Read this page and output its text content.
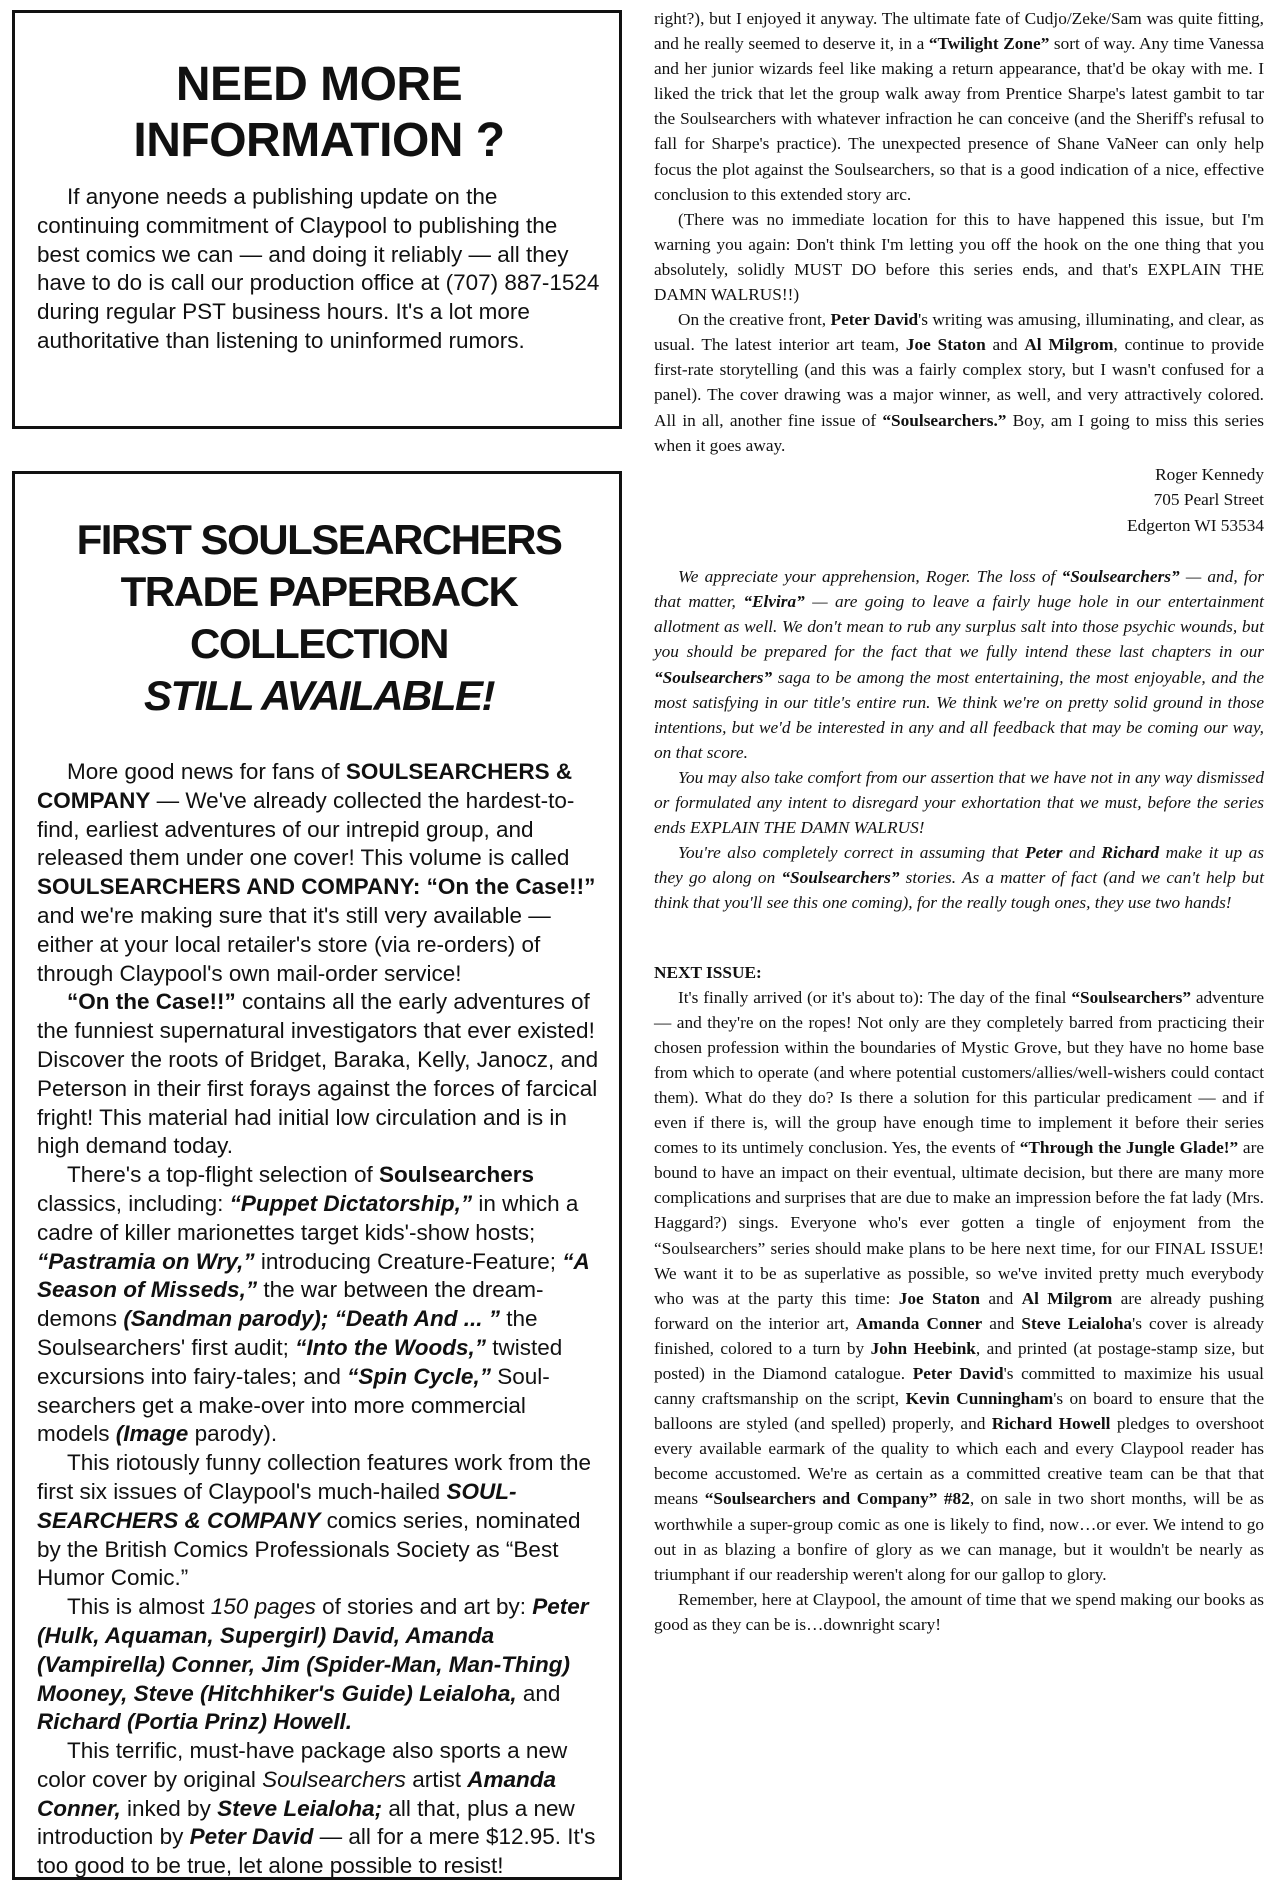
NEED MORE
INFORMATION ?

If anyone needs a publishing update on the continuing commitment of Claypool to publishing the best comics we can — and doing it reliably — all they have to do is call our production office at (707) 887-1524 during regular PST business hours. It's a lot more authoritative than listening to uninformed rumors.

FIRST SOULSEARCHERS
TRADE PAPERBACK COLLECTION
STILL AVAILABLE!

More good news for fans of SOULSEARCHERS & COMPANY — We've already collected the hardest-to-find, earliest adventures of our intrepid group, and released them under one cover! This volume is called SOULSEARCHERS AND COMPANY: “On the Case!!” and we're making sure that it's still very available — either at your local retailer's store (via re-orders) of through Claypool's own mail-order service!

“On the Case!!” contains all the early adventures of the funniest supernatural investigators that ever existed! Discover the roots of Bridget, Baraka, Kelly, Janocz, and Peterson in their first forays against the forces of farcical fright! This material had initial low circulation and is in high demand today.

There's a top-flight selection of Soulsearchers classics, including: “Puppet Dictatorship,” in which a cadre of killer marionettes target kids'-show hosts; “Pastramia on Wry,” introducing Creature-Feature; “A Season of Misseds,” the war between the dream-demons (Sandman parody); “Death And ... ” the Soulsearchers' first audit; “Into the Woods,” twisted excursions into fairy-tales; and “Spin Cycle,” Soul-searchers get a make-over into more commercial models (Image parody).

This riotously funny collection features work from the first six issues of Claypool's much-hailed SOUL-SEARCHERS & COMPANY comics series, nominated by the British Comics Professionals Society as “Best Humor Comic.”

This is almost 150 pages of stories and art by: Peter (Hulk, Aquaman, Supergirl) David, Amanda (Vampirella) Conner, Jim (Spider-Man, Man-Thing) Mooney, Steve (Hitchhiker's Guide) Leialoha, and Richard (Portia Prinz) Howell.

This terrific, must-have package also sports a new color cover by original Soulsearchers artist Amanda Conner, inked by Steve Leialoha; all that, plus a new introduction by Peter David — all for a mere $12.95. It's too good to be true, let alone possible to resist!

right?), but I enjoyed it anyway. The ultimate fate of Cudjo/Zeke/Sam was quite fitting, and he really seemed to deserve it, in a “Twilight Zone” sort of way. Any time Vanessa and her junior wizards feel like making a return appearance, that'd be okay with me. I liked the trick that let the group walk away from Prentice Sharpe's latest gambit to tar the Soulsearchers with whatever infraction he can conceive (and the Sheriff's refusal to fall for Sharpe's practice). The unexpected presence of Shane VaNeer can only help focus the plot against the Soulsearchers, so that is a good indication of a nice, effective conclusion to this extended story arc.

(There was no immediate location for this to have happened this issue, but I'm warning you again: Don't think I'm letting you off the hook on the one thing that you absolutely, solidly MUST DO before this series ends, and that's EXPLAIN THE DAMN WALRUS!!)

On the creative front, Peter David's writing was amusing, illuminating, and clear, as usual. The latest interior art team, Joe Staton and Al Milgrom, continue to provide first-rate storytelling (and this was a fairly complex story, but I wasn't confused for a panel). The cover drawing was a major winner, as well, and very attractively colored. All in all, another fine issue of “Soulsearchers.” Boy, am I going to miss this series when it goes away.

Roger Kennedy
705 Pearl Street
Edgerton WI 53534

We appreciate your apprehension, Roger. The loss of “Soulsearchers” — and, for that matter, “Elvira” — are going to leave a fairly huge hole in our entertainment allotment as well. We don't mean to rub any surplus salt into those psychic wounds, but you should be prepared for the fact that we fully intend these last chapters in our “Soulsearchers” saga to be among the most entertaining, the most enjoyable, and the most satisfying in our title's entire run. We think we're on pretty solid ground in those intentions, but we'd be interested in any and all feedback that may be coming our way, on that score.

You may also take comfort from our assertion that we have not in any way dismissed or formulated any intent to disregard your exhortation that we must, before the series ends EXPLAIN THE DAMN WALRUS!

You're also completely correct in assuming that Peter and Richard make it up as they go along on “Soulsearchers” stories. As a matter of fact (and we can't help but think that you'll see this one coming), for the really tough ones, they use two hands!

NEXT ISSUE:

It's finally arrived (or it's about to): The day of the final “Soulsearchers” adventure — and they're on the ropes! Not only are they completely barred from practicing their chosen profession within the boundaries of Mystic Grove, but they have no home base from which to operate (and where potential customers/allies/well-wishers could contact them). What do they do? Is there a solution for this particular predicament — and if even if there is, will the group have enough time to implement it before their series comes to its untimely conclusion. Yes, the events of “Through the Jungle Glade!” are bound to have an impact on their eventual, ultimate decision, but there are many more complications and surprises that are due to make an impression before the fat lady (Mrs. Haggard?) sings. Everyone who's ever gotten a tingle of enjoyment from the “Soulsearchers” series should make plans to be here next time, for our FINAL ISSUE! We want it to be as superlative as possible, so we've invited pretty much everybody who was at the party this time: Joe Staton and Al Milgrom are already pushing forward on the interior art, Amanda Conner and Steve Leialoha's cover is already finished, colored to a turn by John Heebink, and printed (at postage-stamp size, but posted) in the Diamond catalogue. Peter David's committed to maximize his usual canny craftsmanship on the script, Kevin Cunningham's on board to ensure that the balloons are styled (and spelled) properly, and Richard Howell pledges to overshoot every available earmark of the quality to which each and every Claypool reader has become accustomed. We're as certain as a committed creative team can be that that means “Soulsearchers and Company” #82, on sale in two short months, will be as worthwhile a super-group comic as one is likely to find, now…or ever. We intend to go out in as blazing a bonfire of glory as we can manage, but it wouldn't be nearly as triumphant if our readership weren't along for our gallop to glory.

Remember, here at Claypool, the amount of time that we spend making our books as good as they can be is…downright scary!
